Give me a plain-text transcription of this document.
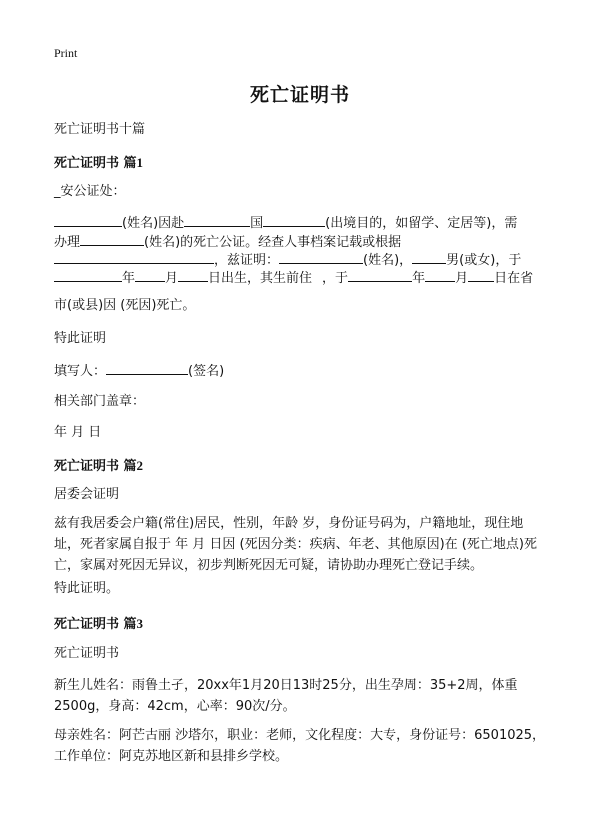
Print
死亡证明书
死亡证明书十篇
死亡证明书 篇1
_安公证处：
(姓名)因赴	国	(出境目的，如留学、定居等)，需
办理	(姓名)的死亡公证。经查人事档案记载或根据
，兹证明：	(姓名)，	男(或女)，于
年 月 日出生，其生前住 ，于	年 月 日在省
市(或县)因 (死因)死亡。
特此证明
填写人：	(签名)
相关部门盖章：
年 月 日
死亡证明书 篇2
居委会证明
兹有我居委会户籍(常住)居民，性别，年龄 岁，身份证号码为，户籍地址，现住地址，死者家属自报于 年 月 日因 (死因分类：疾病、年老、其他原因)在 (死亡地点)死亡，家属对死因无异议，初步判断死因无可疑，请协助办理死亡登记手续。
特此证明。
死亡证明书 篇3
死亡证明书
新生儿姓名：雨鲁土孑，20xx年1月20日13时25分，出生孕周：35+2周，体重2500g，身高：42cm，心率：90次/分。
母亲姓名：阿芒古丽 沙塔尔，职业：老师，文化程度：大专，身份证号：6501025，工作单位：阿克苏地区新和县排乡学校。
